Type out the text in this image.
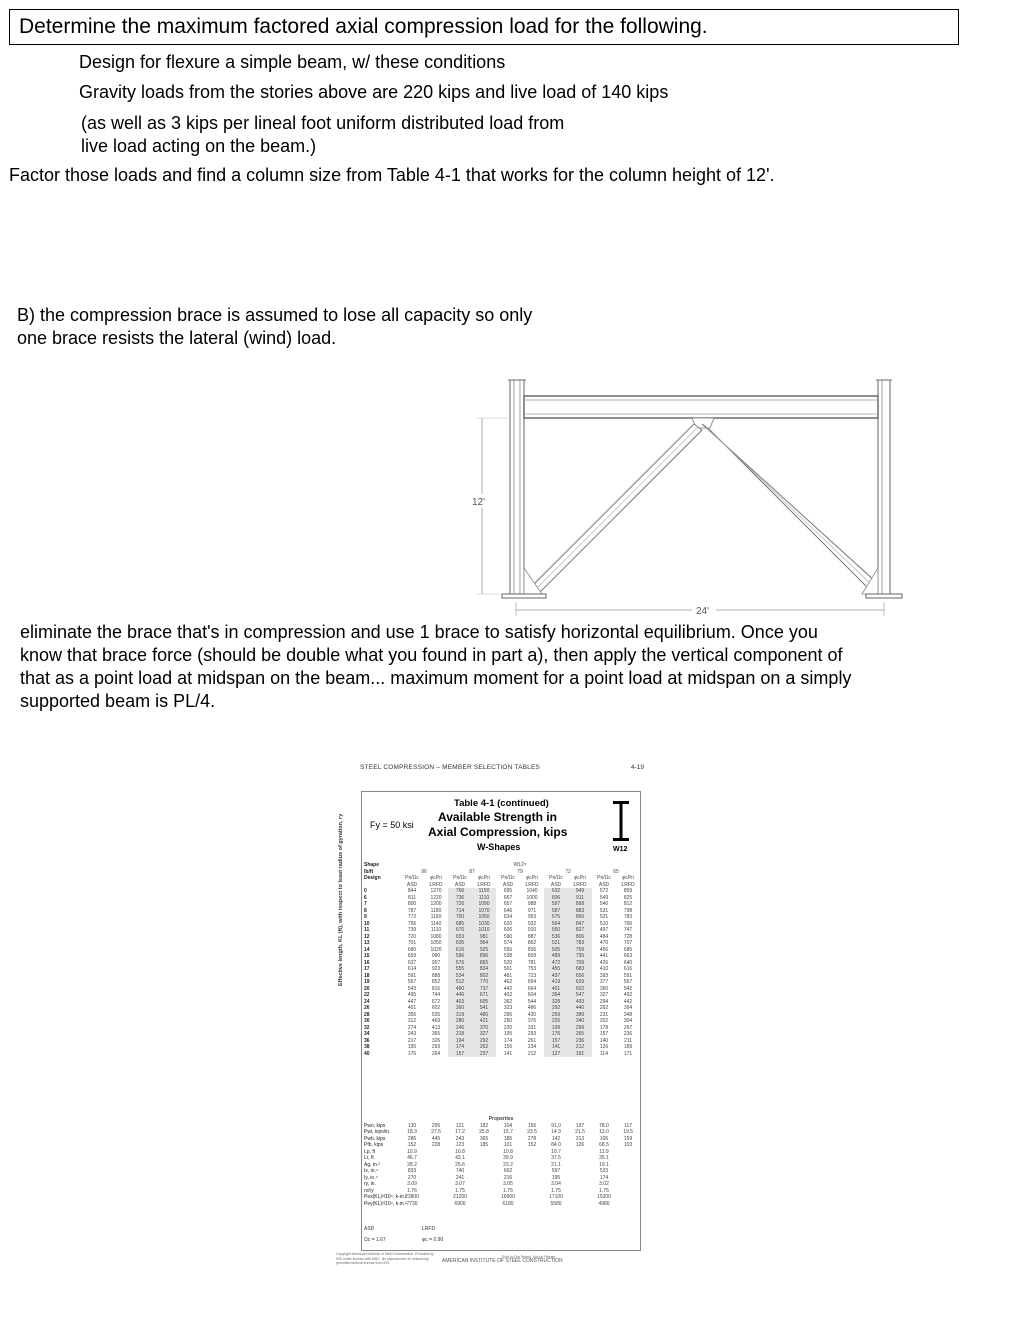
Determine the maximum factored axial compression load for the following.
Design for flexure a simple beam, w/ these conditions
Gravity loads from the stories above are 220 kips and live load of 140 kips
(as well as 3 kips per lineal foot uniform distributed load from
live load acting on the beam.)
Factor those loads and find a column size from Table 4-1 that works for the column height of 12'.
B) the compression brace is assumed to lose all capacity so only
one brace resists the lateral (wind) load.
12'
24'
eliminate the brace that's in compression and use 1 brace to satisfy horizontal equilibrium. Once you
know that brace force (should be double what you found in part a), then apply the vertical component of
that as a point load at midspan on the beam... maximum moment for a point load at midspan on a simply
supported beam is PL/4.
STEEL COMPRESSION – MEMBER SELECTION TABLES	4-19
Table 4-1 (continued)
Available Strength in
Axial Compression, kips
W-Shapes
Fy = 50 ksi
W12
Effective length, KL (ft), with respect to least radius of gyration, ry	Shape	W12×									
lb/ft	96		87		79		72		65	
Design	Pn/Ωc	φcPn	Pn/Ωc	φcPn	Pn/Ωc	φcPn	Pn/Ωc	φcPn	Pn/Ωc	φcPn
	ASD	LRFD	ASD	LRFD	ASD	LRFD	ASD	LRFD	ASD	LRFD
0	844	1270	766	1150	695	1040	632	949	572	859
6	811	1220	736	1110	667	1000	606	911	549	825
7	800	1200	726	1090	657	988	597	898	540	812
8	787	1180	714	1070	646	971	587	883	531	798
9	772	1160	700	1050	634	953	576	866	521	783
10	756	1140	685	1030	620	932	564	847	510	766
11	739	1110	670	1010	606	910	550	827	497	747
12	720	1080	653	981	590	887	536	806	484	728
13	701	1050	635	954	574	862	521	783	470	707
14	680	1020	616	925	556	836	505	759	456	685
15	659	990	596	896	538	809	489	735	441	663
16	637	957	576	865	520	781	472	709	426	640
17	614	923	555	834	501	753	455	683	410	616
18	591	888	534	802	481	723	437	656	393	591
19	567	852	512	770	462	694	419	629	377	567
20	543	816	490	737	442	664	401	602	360	542
22	495	744	446	671	402	604	364	547	327	492
24	447	672	403	605	362	544	328	493	294	442
26	401	602	360	541	323	486	292	440	262	394
28	356	535	319	480	286	430	259	389	231	348
30	312	469	280	421	250	376	226	340	202	304
32	274	413	246	370	220	331	199	299	178	267
34	243	365	218	327	195	293	176	265	157	236
36	217	326	194	292	174	261	157	236	140	211
38	195	293	174	262	156	234	141	212	126	189
40	176	264	157	237	141	212	127	191	114	171
Properties										
Pwo, kips	130	206	121	182	104	156	91.0	137	78.0	117
Pwi, kips/in.	18.3	27.5	17.2	25.8	15.7	23.5	14.3	21.5	13.0	19.5
Pwb, kips	286	445	243	365	185	278	142	213	106	159
Pfb, kips	152	228	123	185	101	152	84.0	126	68.5	103
Lp, ft	10.9		10.8		10.8		10.7		11.9	
Lr, ft	46.7		43.1		39.9		37.5		35.1	
Ag, in.²	28.2		25.6		23.2		21.1		19.1	
Ix, in.⁴	833		740		662		597		533	
Iy, in.⁴	270		241		216		195		174	
ry, in.	3.09		3.07		3.05		3.04		3.02	
rx/ry	1.76		1.75		1.75		1.75		1.75	
Pex(KL)²/10⁴, k-in.²	23800		21200		18900		17100		15300	
Pey(KL)²/10⁴, k-in.²	7730		6900		6180		5580		4980	
ASD	LRFD
Ωc = 1.67	φc = 0.90
Copyright American Institute of Steel Construction. Provided by IHS under license with AISC. No reproduction or networking permitted without license from IHS	AMERICAN INSTITUTE OF STEEL CONSTRUCTION
Sold to:Org Tested. Not for Resale
